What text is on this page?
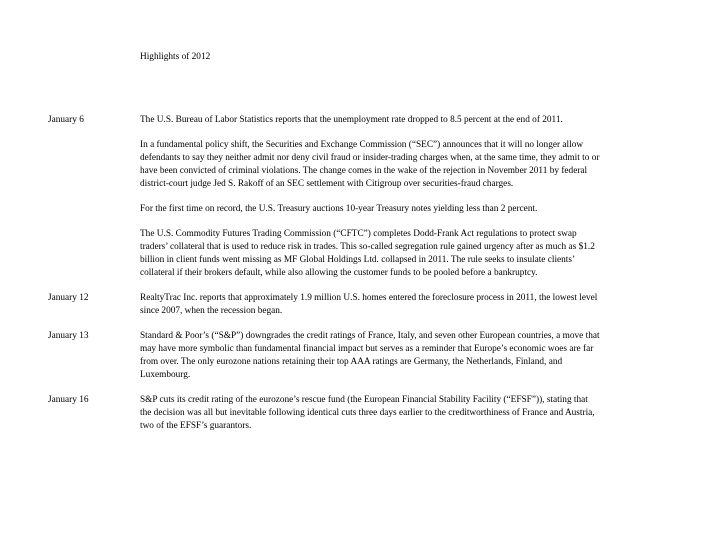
Highlights of 2012

January 6	The U.S. Bureau of Labor Statistics reports that the unemployment rate dropped to 8.5 percent at the end of 2011.

In a fundamental policy shift, the Securities and Exchange Commission (“SEC”) announces that it will no longer allow defendants to say they neither admit nor deny civil fraud or insider-trading charges when, at the same time, they admit to or have been convicted of criminal violations. The change comes in the wake of the rejection in November 2011 by federal district-court judge Jed S. Rakoff of an SEC settlement with Citigroup over securities-fraud charges.

For the first time on record, the U.S. Treasury auctions 10-year Treasury notes yielding less than 2 percent.

The U.S. Commodity Futures Trading Commission (“CFTC”) completes Dodd-Frank Act regulations to protect swap traders’ collateral that is used to reduce risk in trades. This so-called segregation rule gained urgency after as much as $1.2 billion in client funds went missing as MF Global Holdings Ltd. collapsed in 2011. The rule seeks to insulate clients’ collateral if their brokers default, while also allowing the customer funds to be pooled before a bankruptcy.

January 12	RealtyTrac Inc. reports that approximately 1.9 million U.S. homes entered the foreclosure process in 2011, the lowest level since 2007, when the recession began.

January 13	Standard & Poor’s (“S&P”) downgrades the credit ratings of France, Italy, and seven other European countries, a move that may have more symbolic than fundamental financial impact but serves as a reminder that Europe’s economic woes are far from over. The only eurozone nations retaining their top AAA ratings are Germany, the Netherlands, Finland, and Luxembourg.

January 16	S&P cuts its credit rating of the eurozone’s rescue fund (the European Financial Stability Facility (“EFSF”)), stating that the decision was all but inevitable following identical cuts three days earlier to the creditworthiness of France and Austria, two of the EFSF’s guarantors.
